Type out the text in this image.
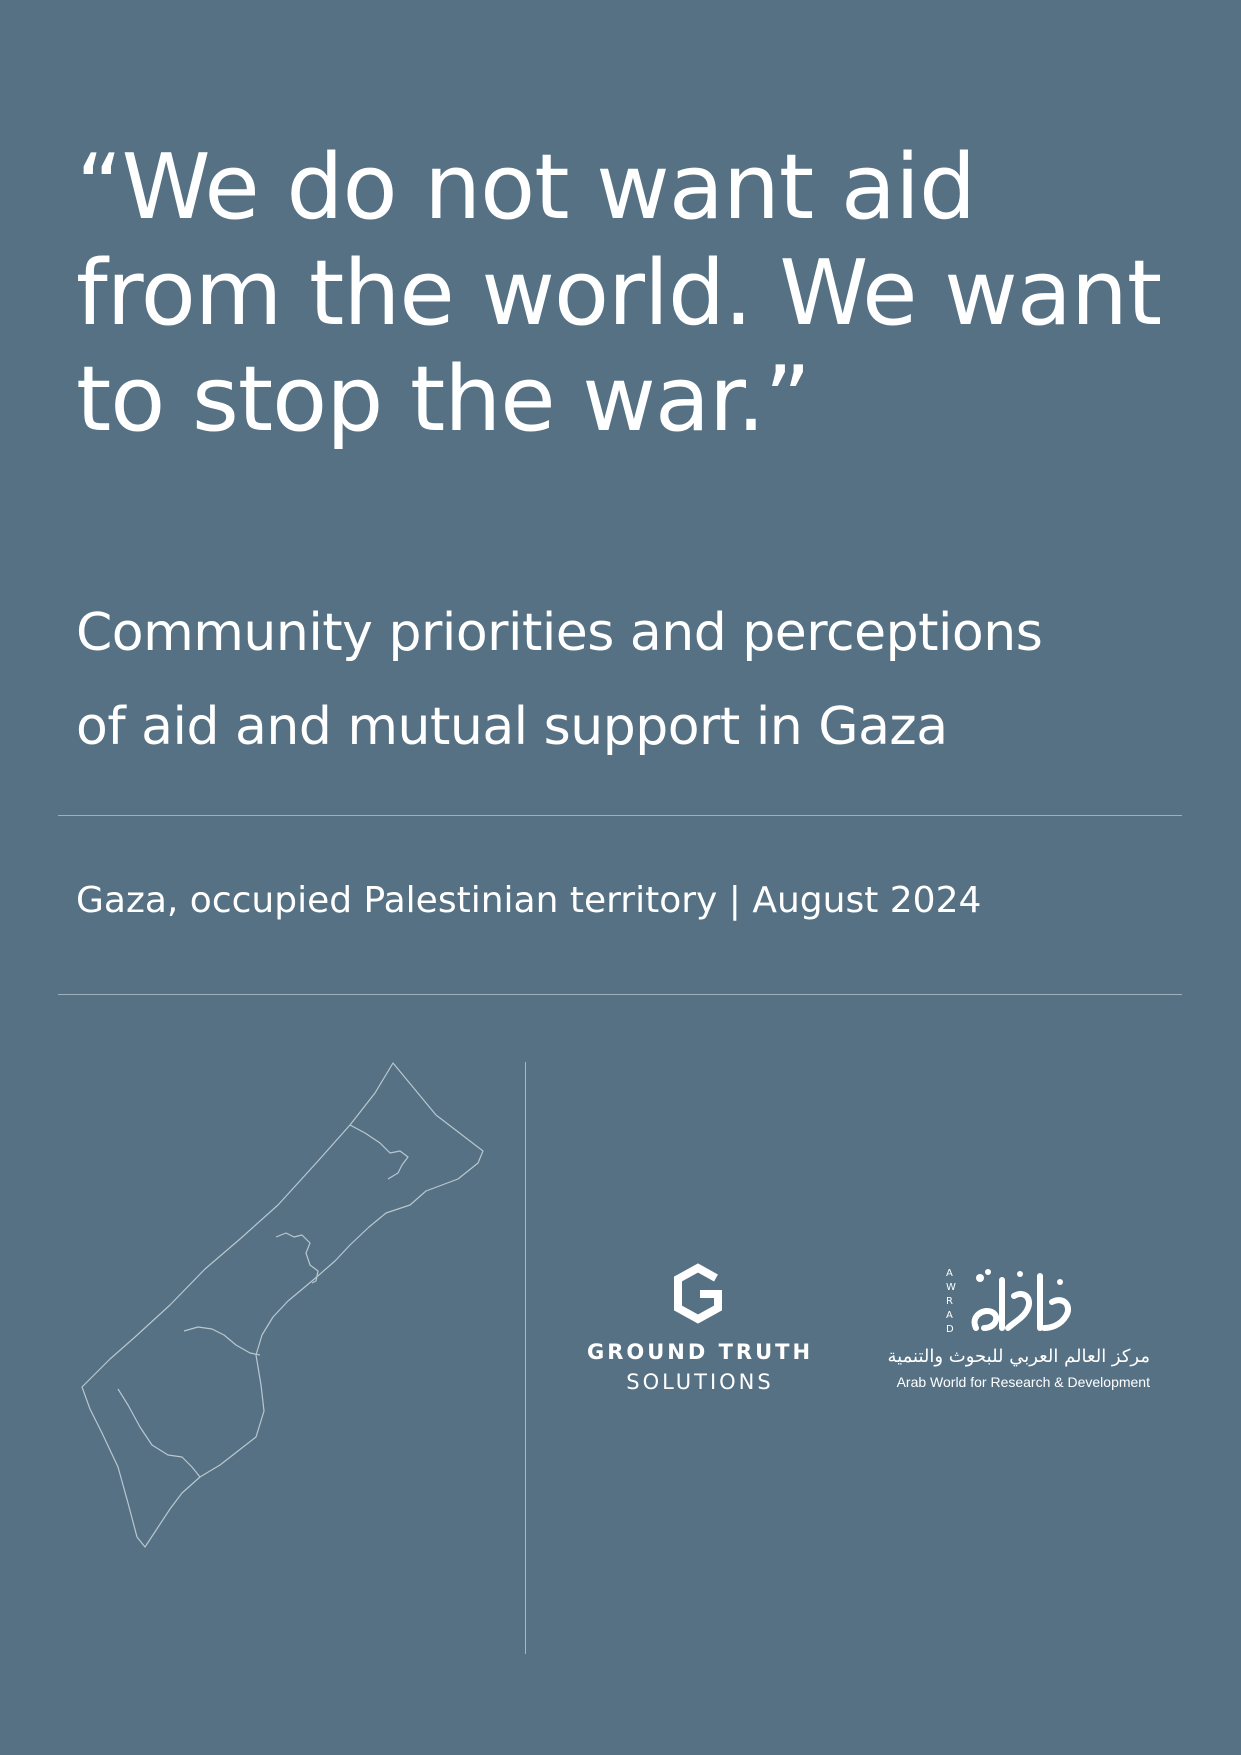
“We do not want aid
from the world. We want
to stop the war.”
Community priorities and perceptions
of aid and mutual support in Gaza
Gaza, occupied Palestinian territory | August 2024
GROUND TRUTH
SOLUTIONS
A
W
R
A
D
مركز العالم العربي للبحوث والتنمية
Arab World for Research & Development
